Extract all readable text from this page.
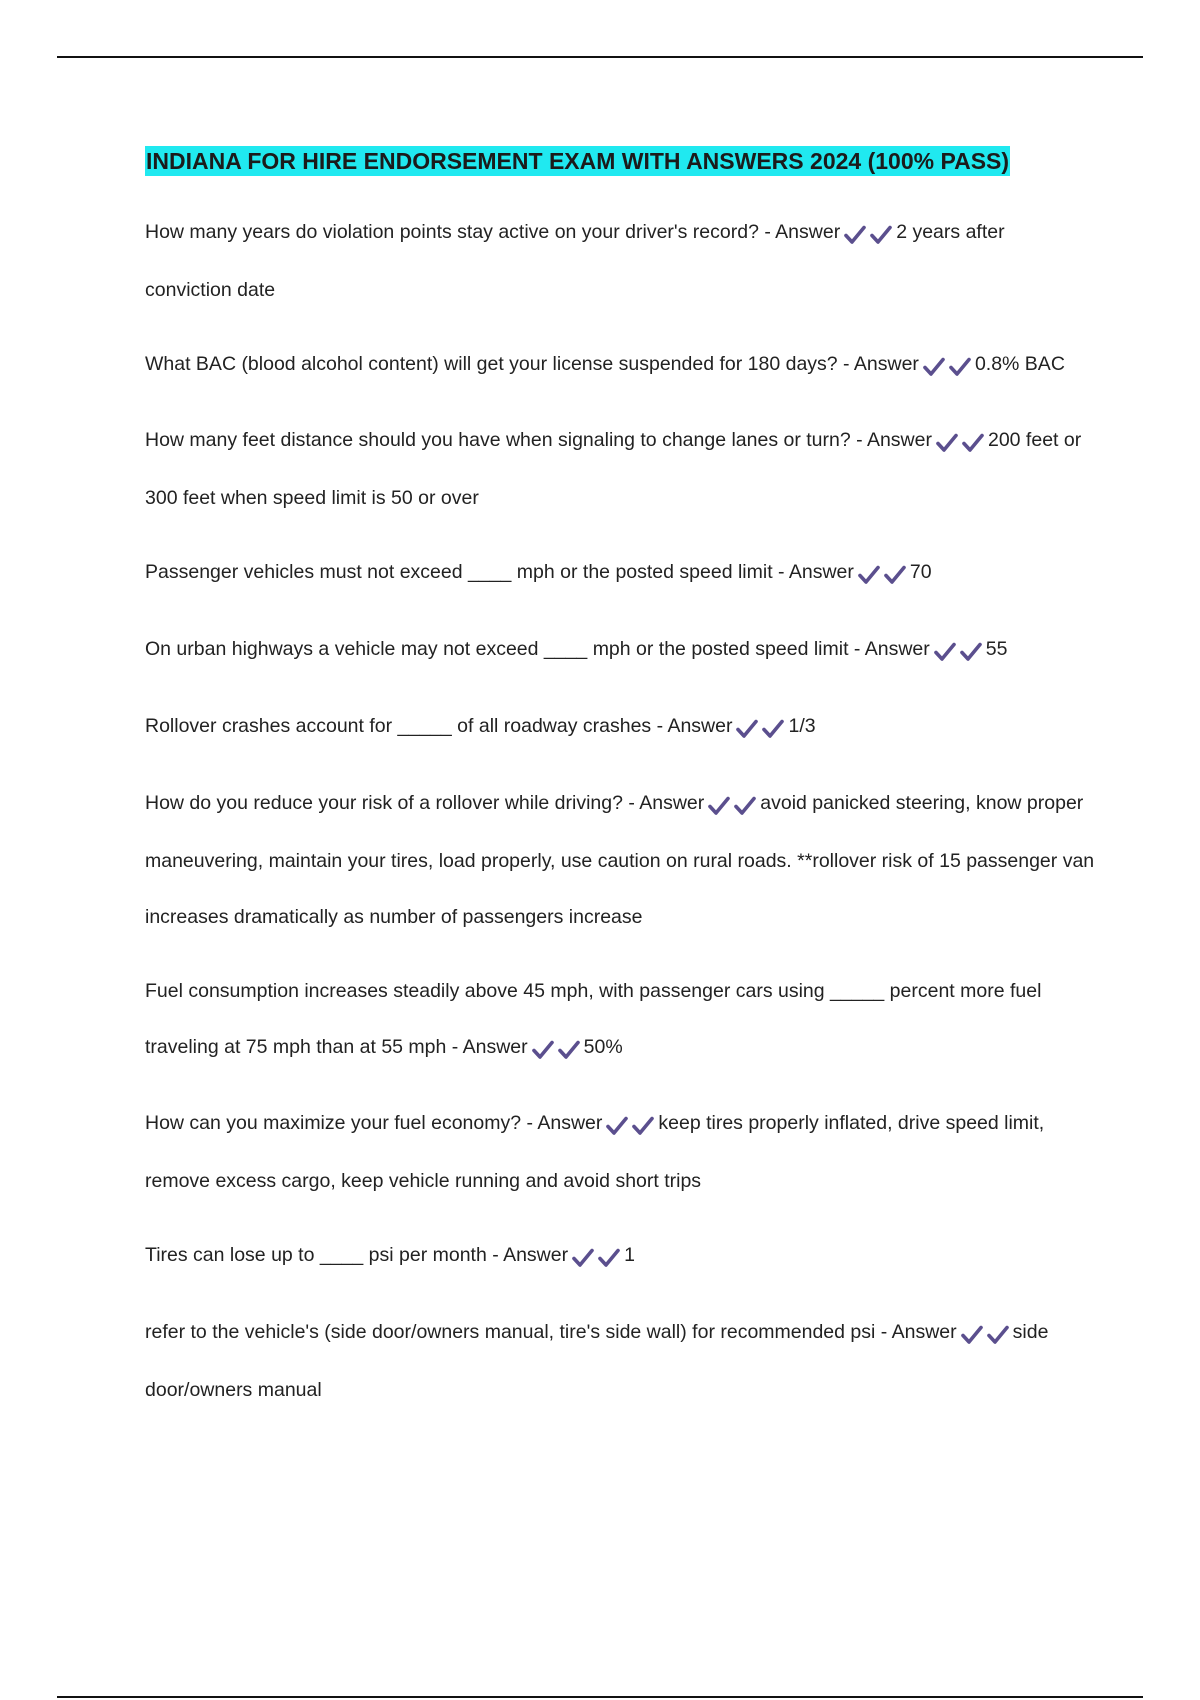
INDIANA FOR HIRE ENDORSEMENT EXAM WITH ANSWERS 2024 (100% PASS)

How many years do violation points stay active on your driver's record? - Answer	2 years after conviction date

What BAC (blood alcohol content) will get your license suspended for 180 days? - Answer	0.8% BAC

How many feet distance should you have when signaling to change lanes or turn? - Answer	200 feet or 300 feet when speed limit is 50 or over

Passenger vehicles must not exceed ____ mph or the posted speed limit - Answer	70

On urban highways a vehicle may not exceed ____ mph or the posted speed limit - Answer	55

Rollover crashes account for _____ of all roadway crashes - Answer	1/3

How do you reduce your risk of a rollover while driving? - Answer	avoid panicked steering, know proper maneuvering, maintain your tires, load properly, use caution on rural roads. **rollover risk of 15 passenger van increases dramatically as number of passengers increase

Fuel consumption increases steadily above 45 mph, with passenger cars using _____ percent more fuel traveling at 75 mph than at 55 mph - Answer	50%

How can you maximize your fuel economy? - Answer	keep tires properly inflated, drive speed limit, remove excess cargo, keep vehicle running and avoid short trips

Tires can lose up to ____ psi per month - Answer	1

refer to the vehicle's (side door/owners manual, tire's side wall) for recommended psi - Answer	side door/owners manual
